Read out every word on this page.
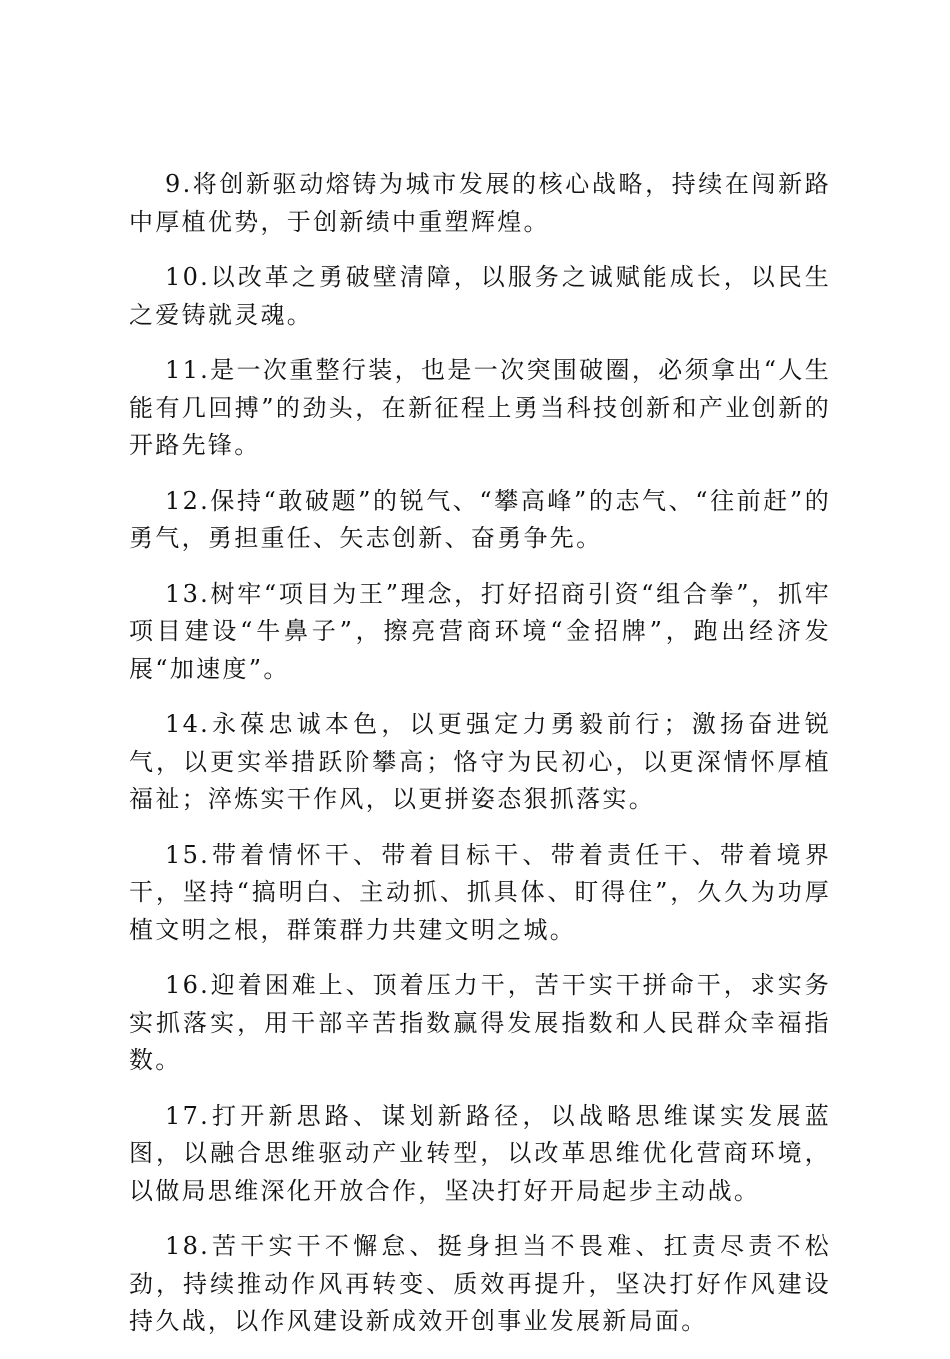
9.将创新驱动熔铸为城市发展的核心战略，持续在闯新路中厚植优势，于创新绩中重塑辉煌。

10.以改革之勇破壁清障，以服务之诚赋能成长，以民生之爱铸就灵魂。

11.是一次重整行装，也是一次突围破圈，必须拿出“人生能有几回搏”的劲头，在新征程上勇当科技创新和产业创新的开路先锋。

12.保持“敢破题”的锐气、“攀高峰”的志气、“往前赶”的勇气，勇担重任、矢志创新、奋勇争先。

13.树牢“项目为王”理念，打好招商引资“组合拳”，抓牢项目建设“牛鼻子”，擦亮营商环境“金招牌”，跑出经济发展“加速度”。

14.永葆忠诚本色，以更强定力勇毅前行；激扬奋进锐气，以更实举措跃阶攀高；恪守为民初心，以更深情怀厚植福祉；淬炼实干作风，以更拼姿态狠抓落实。

15.带着情怀干、带着目标干、带着责任干、带着境界干，坚持“搞明白、主动抓、抓具体、盯得住”，久久为功厚植文明之根，群策群力共建文明之城。

16.迎着困难上、顶着压力干，苦干实干拼命干，求实务实抓落实，用干部辛苦指数赢得发展指数和人民群众幸福指数。

17.打开新思路、谋划新路径，以战略思维谋实发展蓝图，以融合思维驱动产业转型，以改革思维优化营商环境，以做局思维深化开放合作，坚决打好开局起步主动战。

18.苦干实干不懈怠、挺身担当不畏难、扛责尽责不松劲，持续推动作风再转变、质效再提升，坚决打好作风建设持久战，以作风建设新成效开创事业发展新局面。
